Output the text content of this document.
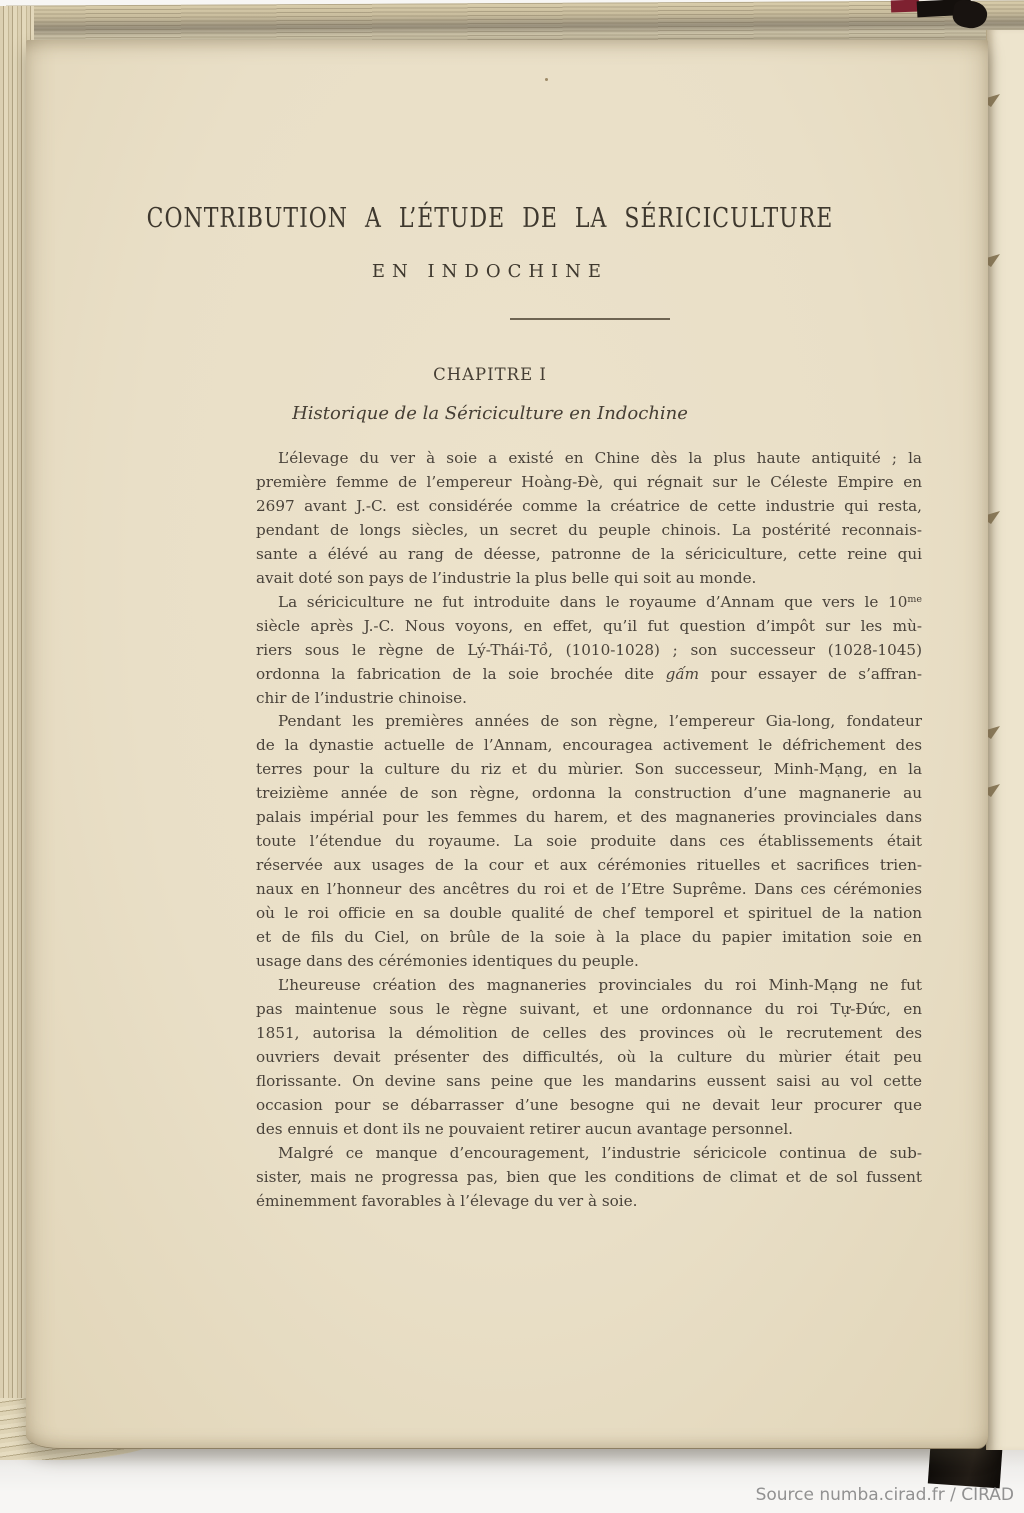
CONTRIBUTION A L’ÉTUDE DE LA SÉRICICULTURE
EN INDOCHINE
CHAPITRE I
Historique de la Sériciculture en Indochine
L’élevage du ver à soie a existé en Chine dès la plus haute antiquité ; la
première femme de l’empereur Hoàng-Đè, qui régnait sur le Céleste Empire en
2697 avant J.-C. est considérée comme la créatrice de cette industrie qui resta,
pendant de longs siècles, un secret du peuple chinois. La postérité reconnais-
sante a élévé au rang de déesse, patronne de la sériciculture, cette reine qui
avait doté son pays de l’industrie la plus belle qui soit au monde.
La sériciculture ne fut introduite dans le royaume d’Annam que vers le $10^{me}$
siècle après J.-C. Nous voyons, en effet, qu’il fut question d’impôt sur les mù-
riers sous le règne de Lý-Thái-Tồ, (1010-1028) ; son successeur (1028-1045)
ordonna la fabrication de la soie brochée dite gấm pour essayer de s’affran-
chir de l’industrie chinoise.
Pendant les premières années de son règne, l’empereur Gia-long, fondateur
de la dynastie actuelle de l’Annam, encouragea activement le défrichement des
terres pour la culture du riz et du mùrier. Son successeur, Minh-Mạng, en la
treizième année de son règne, ordonna la construction d’une magnanerie au
palais impérial pour les femmes du harem, et des magnaneries provinciales dans
toute l’étendue du royaume. La soie produite dans ces établissements était
réservée aux usages de la cour et aux cérémonies rituelles et sacrifices trien-
naux en l’honneur des ancêtres du roi et de l’Etre Suprême. Dans ces cérémonies
où le roi officie en sa double qualité de chef temporel et spirituel de la nation
et de fils du Ciel, on brûle de la soie à la place du papier imitation soie en
usage dans des cérémonies identiques du peuple.
L’heureuse création des magnaneries provinciales du roi Minh-Mạng ne fut
pas maintenue sous le règne suivant, et une ordonnance du roi Tự-Đức, en
1851, autorisa la démolition de celles des provinces où le recrutement des
ouvriers devait présenter des difficultés, où la culture du mùrier était peu
florissante. On devine sans peine que les mandarins eussent saisi au vol cette
occasion pour se débarrasser d’une besogne qui ne devait leur procurer que
des ennuis et dont ils ne pouvaient retirer aucun avantage personnel.
Malgré ce manque d’encouragement, l’industrie séricicole continua de sub-
sister, mais ne progressa pas, bien que les conditions de climat et de sol fussent
éminemment favorables à l’élevage du ver à soie.
Source numba.cirad.fr / CIRAD
